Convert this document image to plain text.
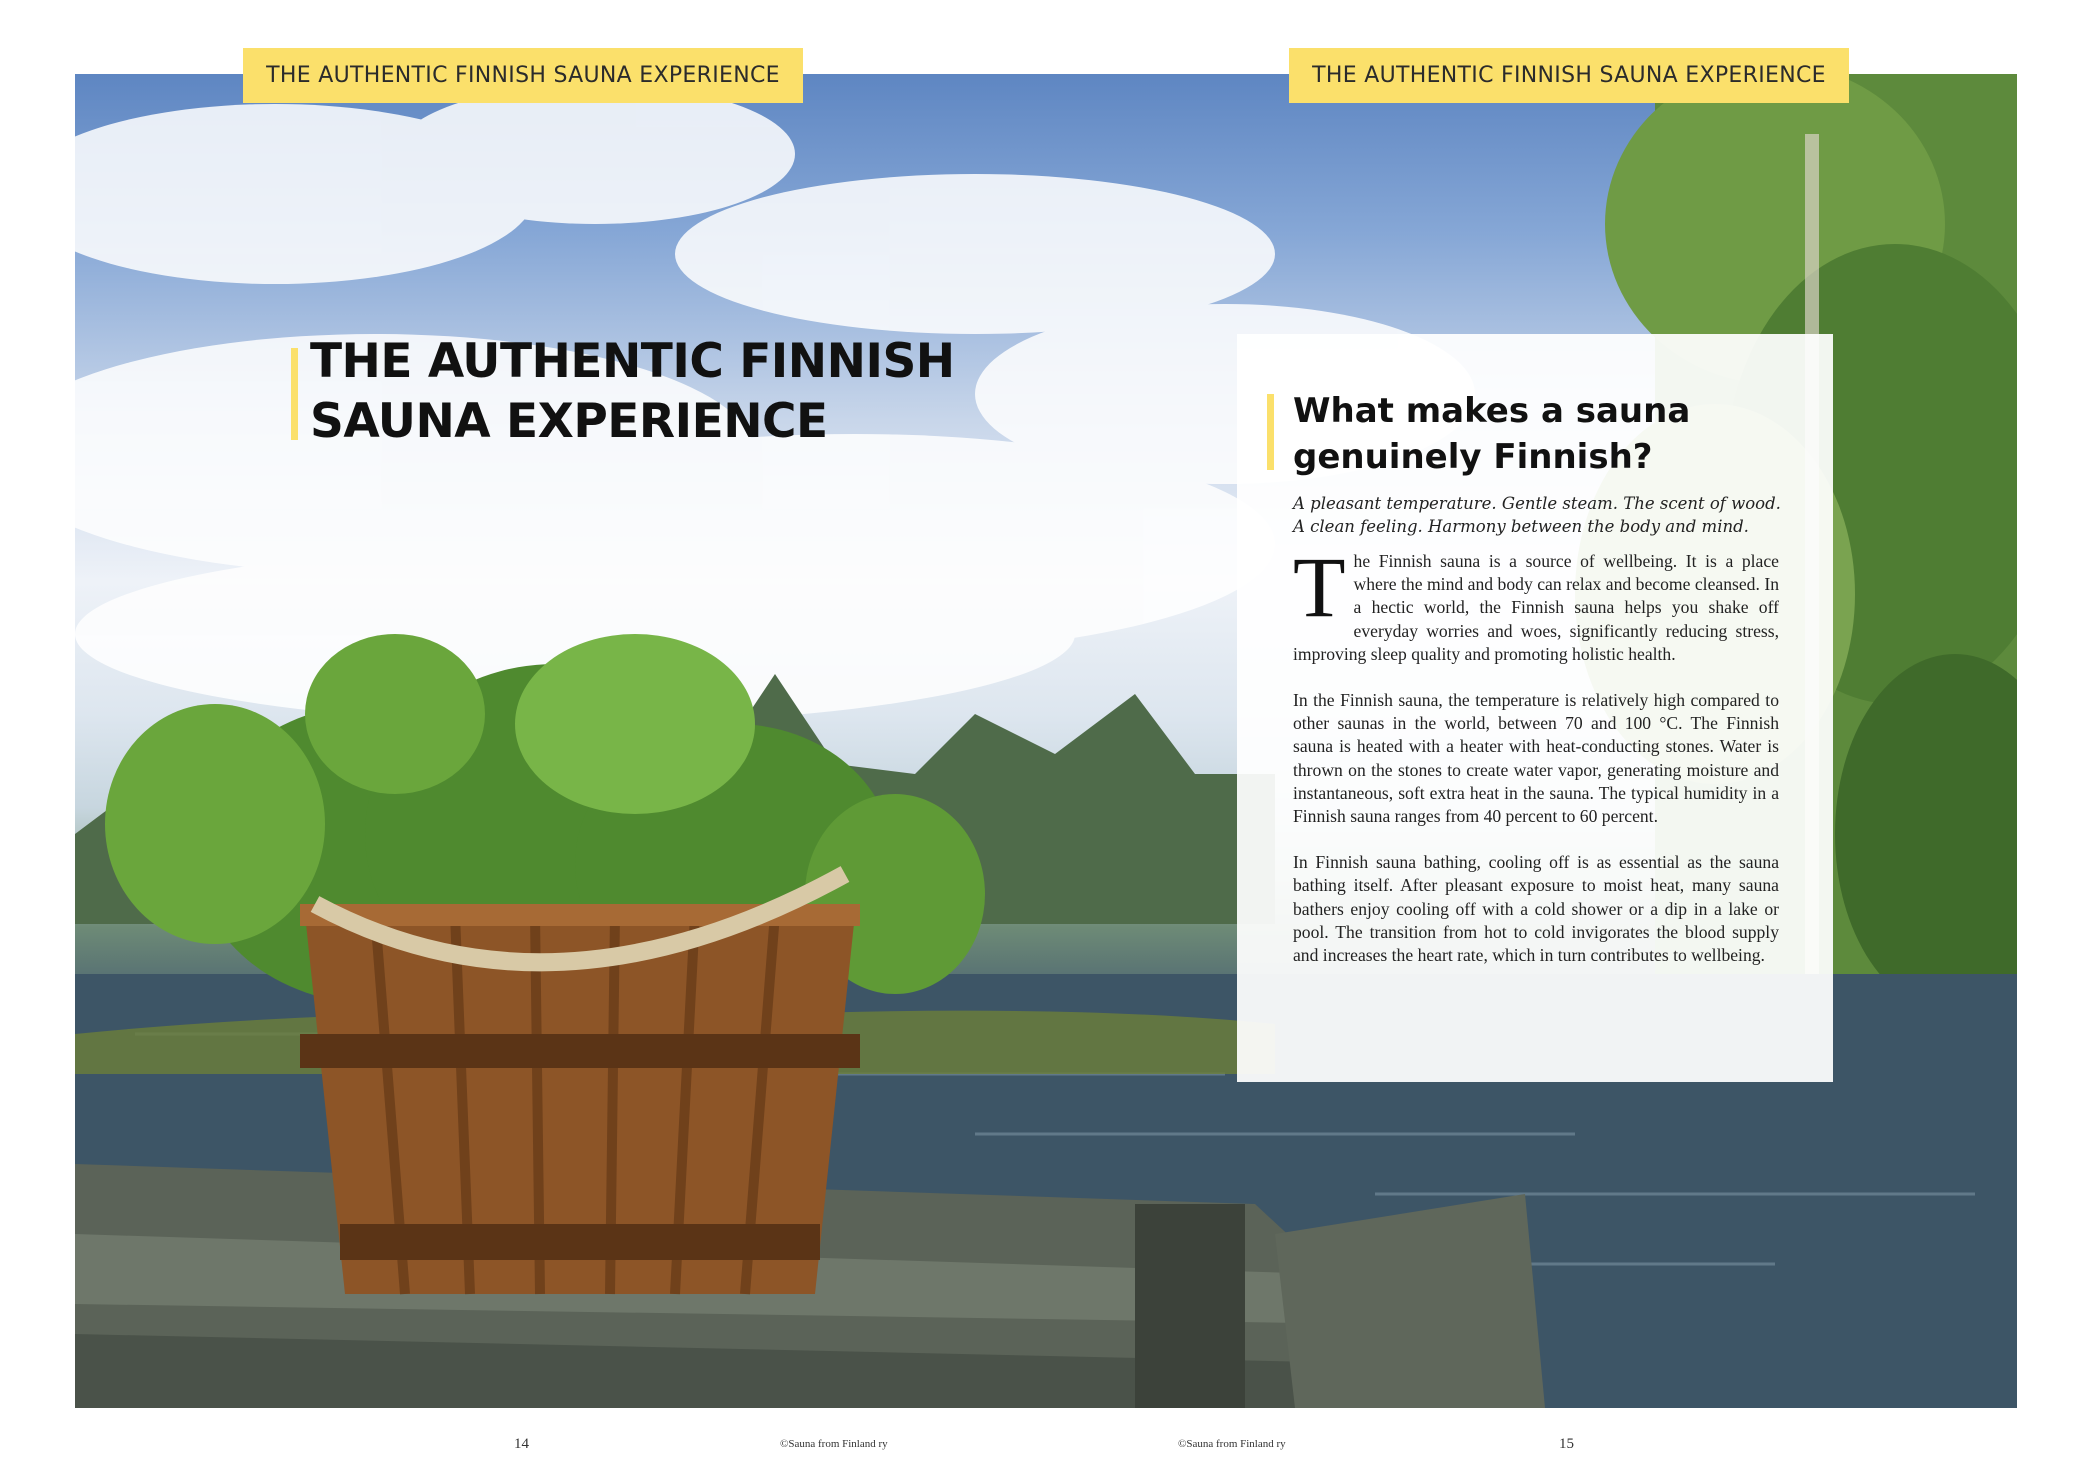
THE AUTHENTIC FINNISH SAUNA EXPERIENCE	THE AUTHENTIC FINNISH SAUNA EXPERIENCE
THE AUTHENTIC FINNISH
SAUNA EXPERIENCE	What makes a sauna
genuinely Finnish?
A pleasant temperature. Gentle steam. The scent of wood. A clean feeling. Harmony between the body and mind.

The Finnish sauna is a source of wellbeing. It is a place where the mind and body can relax and become cleansed. In a hectic world, the Finnish sauna helps you shake off everyday worries and woes, significantly reducing stress, improving sleep quality and promoting holistic health.

In the Finnish sauna, the temperature is relatively high compared to other saunas in the world, between 70 and 100 °C. The Finnish sauna is heated with a heater with heat-conducting stones. Water is thrown on the stones to create water vapor, generating moisture and instantaneous, soft extra heat in the sauna. The typical humidity in a Finnish sauna ranges from 40 percent to 60 percent.

In Finnish sauna bathing, cooling off is as essential as the sauna bathing itself. After pleasant exposure to moist heat, many sauna bathers enjoy cooling off with a cold shower or a dip in a lake or pool. The transition from hot to cold invigorates the blood supply and increases the heart rate, which in turn contributes to wellbeing.

14	©Sauna from Finland ry	©Sauna from Finland ry	15
